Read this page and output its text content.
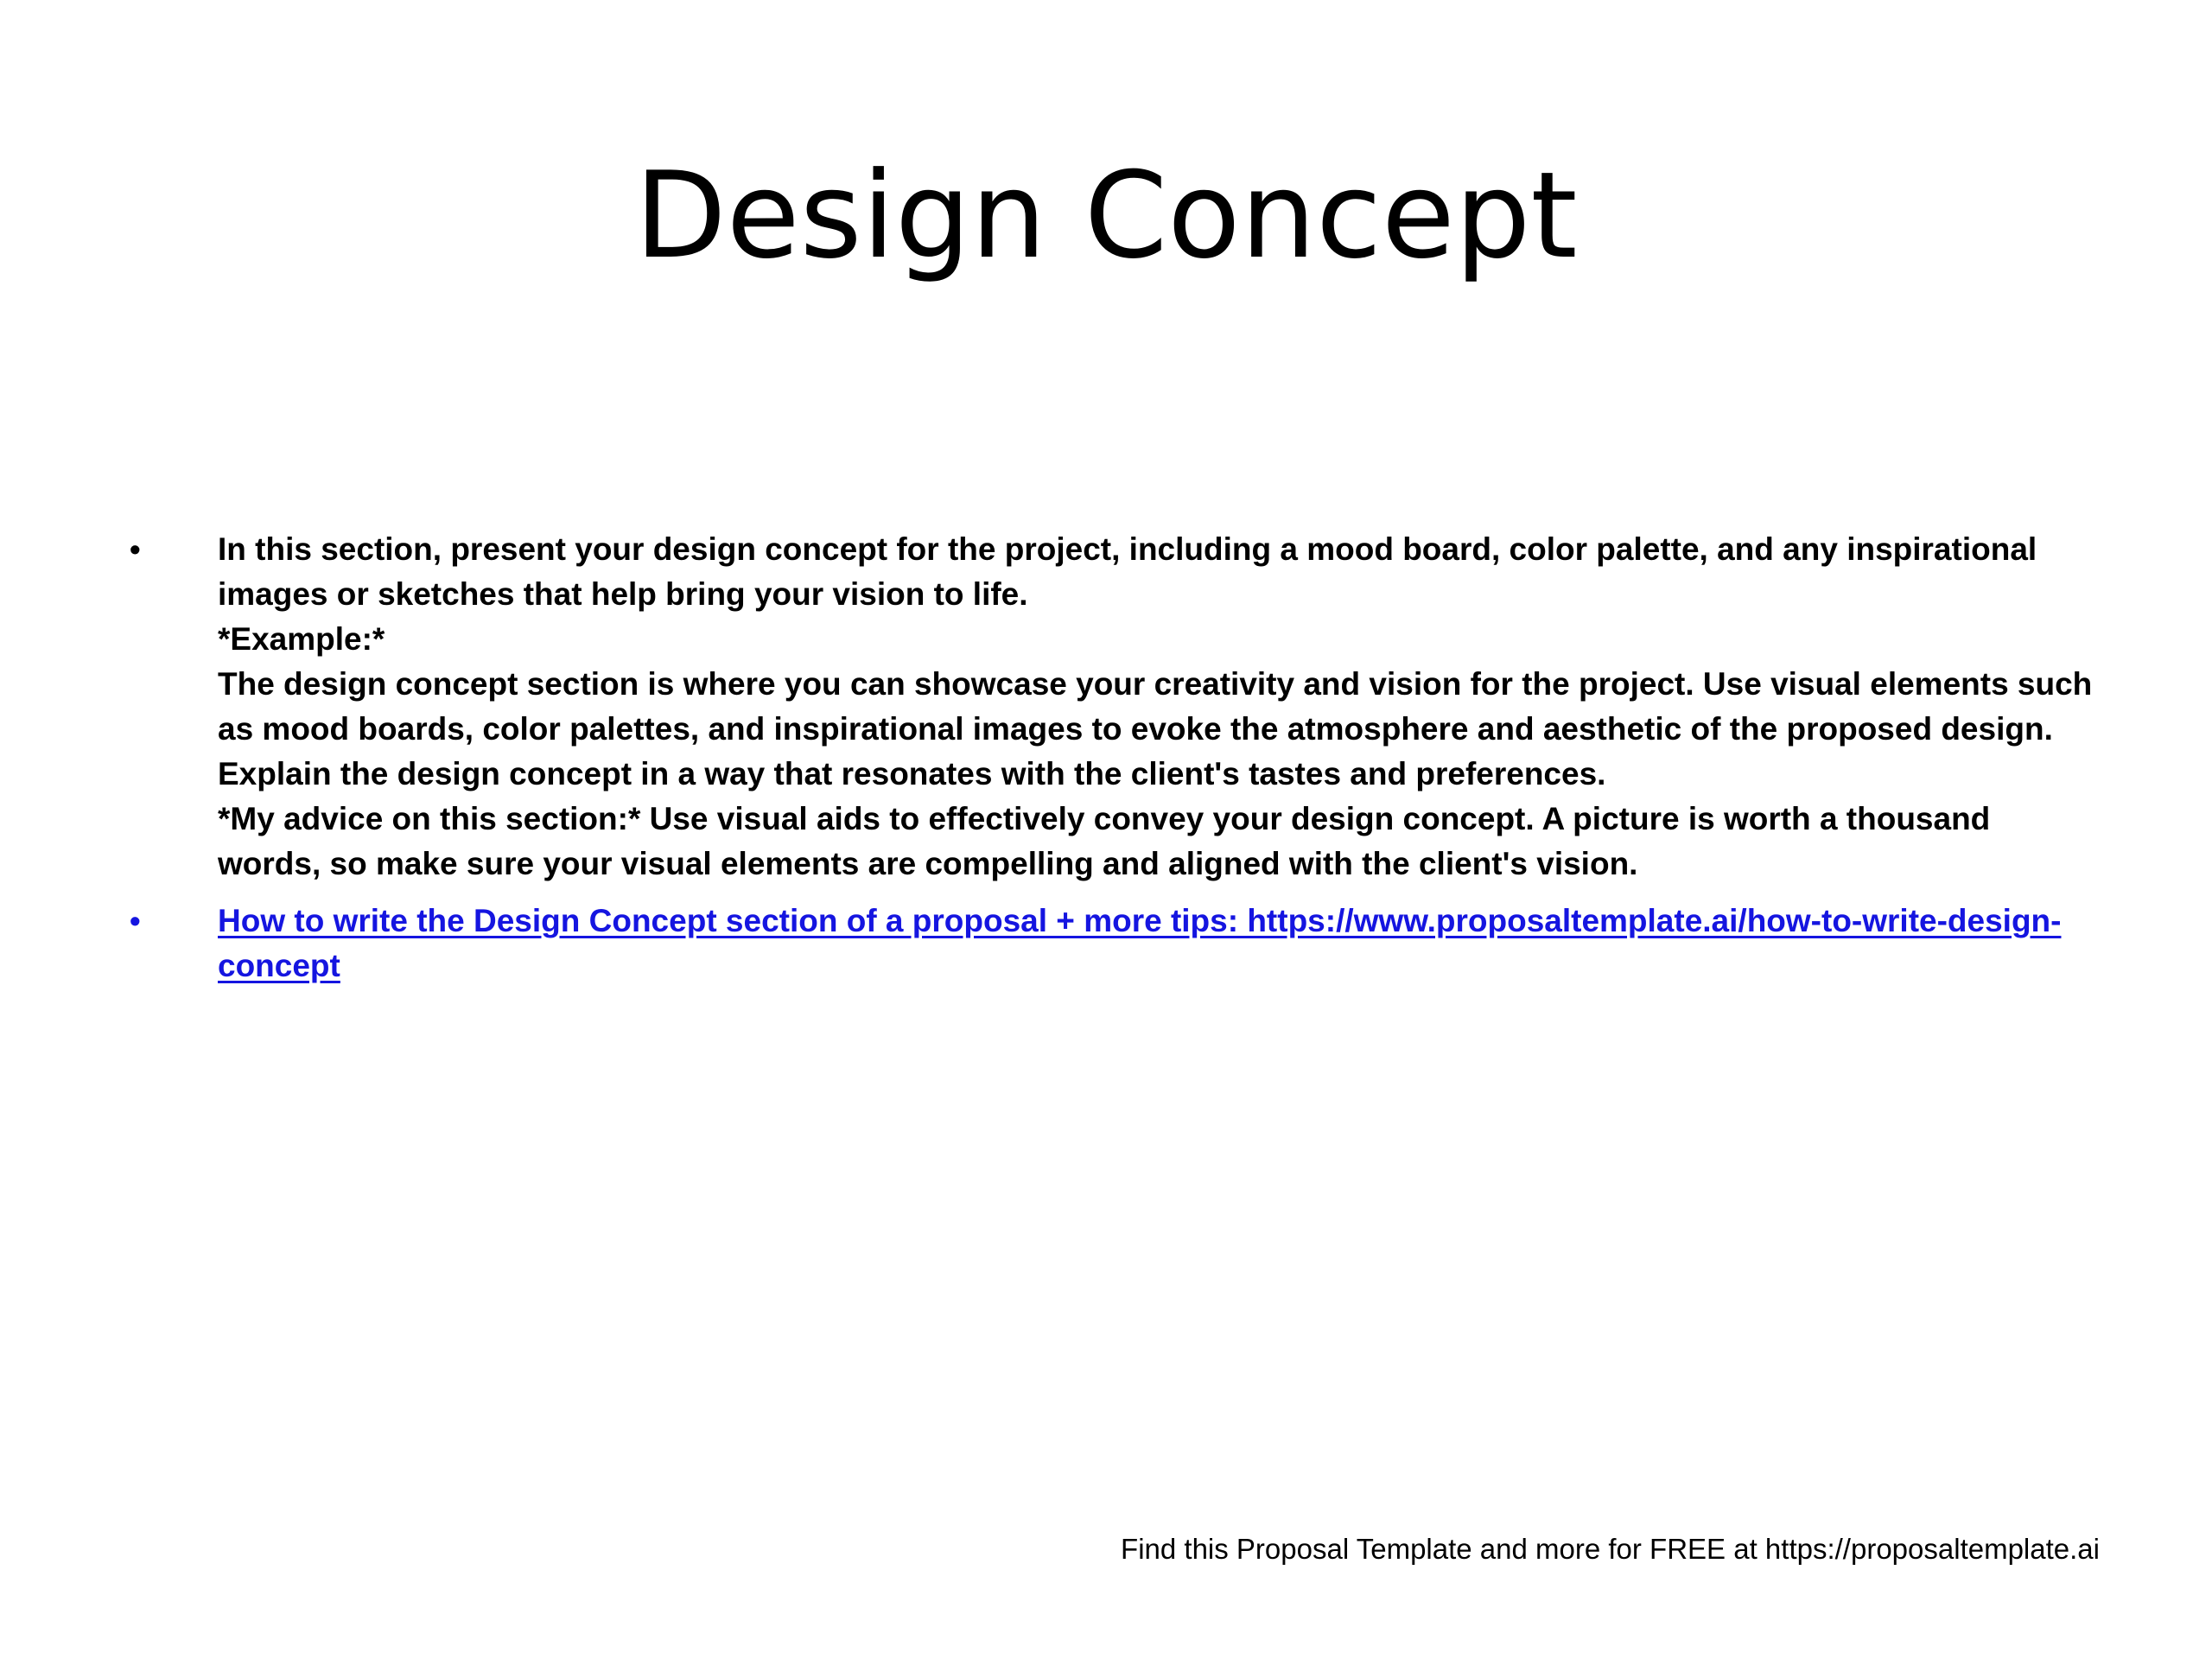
Design Concept
•	In this section, present your design concept for the project, including a mood board, color palette, and any inspirational images or sketches that help bring your vision to life.
*Example:*
The design concept section is where you can showcase your creativity and vision for the project. Use visual elements such as mood boards, color palettes, and inspirational images to evoke the atmosphere and aesthetic of the proposed design. Explain the design concept in a way that resonates with the client's tastes and preferences.
*My advice on this section:* Use visual aids to effectively convey your design concept. A picture is worth a thousand words, so make sure your visual elements are compelling and aligned with the client's vision.
•	How to write the Design Concept section of a proposal + more tips: https://www.proposaltemplate.ai/how-to-write-design-concept
Find this Proposal Template and more for FREE at https://proposaltemplate.ai
